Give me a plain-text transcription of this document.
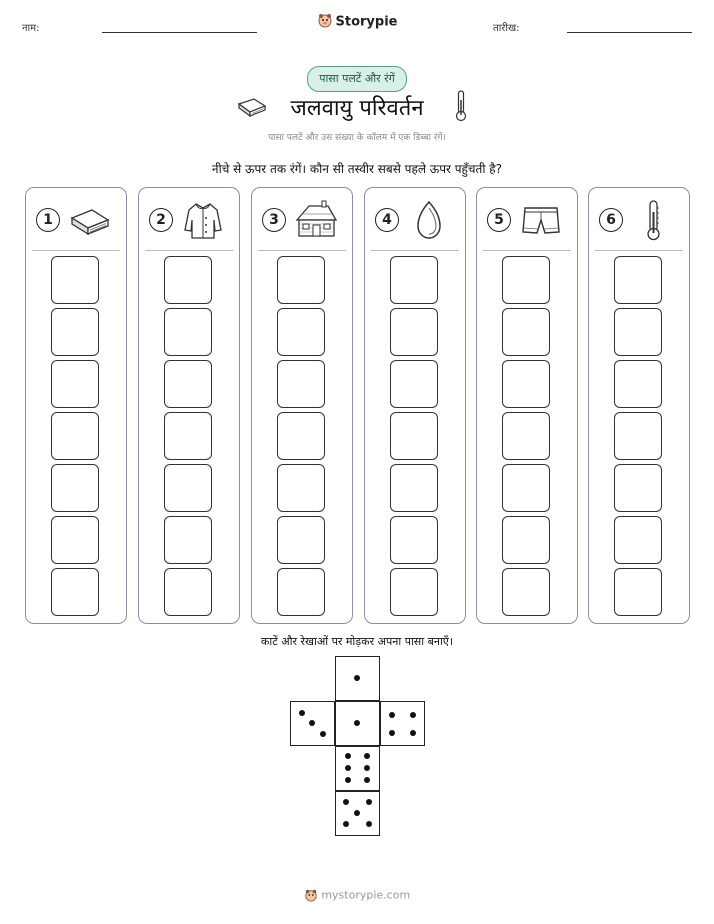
नाम:	Storypie	तारीख:
पासा पलटें और रंगें
जलवायु परिवर्तन
पासा पलटें और उस संख्या के कॉलम में एक डिब्बा रंगें।
नीचे से ऊपर तक रंगें। कौन सी तस्वीर सबसे पहले ऊपर पहुँचती है?
1	2	3	4	5	6
काटें और रेखाओं पर मोड़कर अपना पासा बनाएँ।
mystorypie.com
